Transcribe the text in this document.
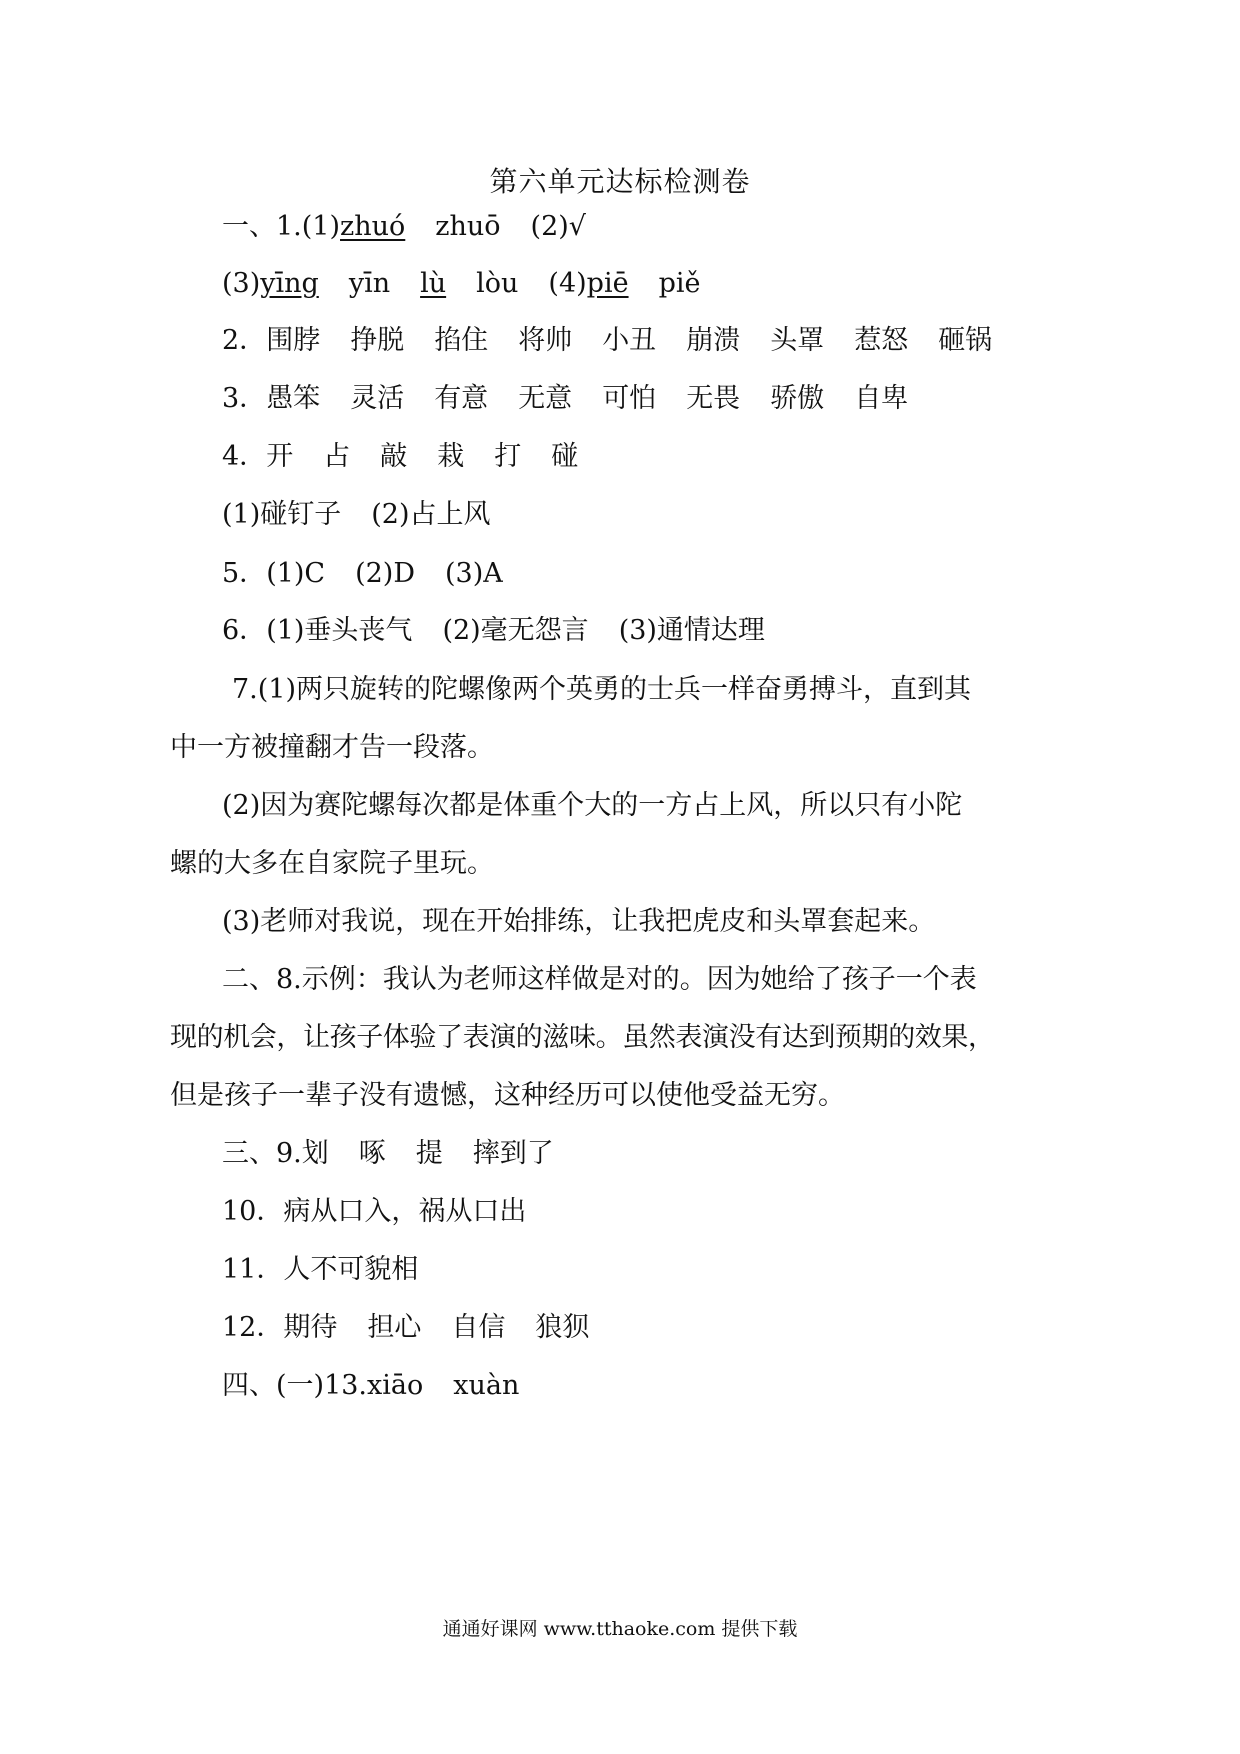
第六单元达标检测卷
一、1.(1)zhuó zhuō (2)√
(3)yīng yīn lù lòu (4)piē piě
2．围脖 挣脱 掐住 将帅 小丑 崩溃 头罩 惹怒 砸锅
3．愚笨 灵活 有意 无意 可怕 无畏 骄傲 自卑
4．开 占 敲 栽 打 碰
(1)碰钉子 (2)占上风
5．(1)C (2)D (3)A
6．(1)垂头丧气 (2)毫无怨言 (3)通情达理
7.(1)两只旋转的陀螺像两个英勇的士兵一样奋勇搏斗，直到其
中一方被撞翻才告一段落。
(2)因为赛陀螺每次都是体重个大的一方占上风，所以只有小陀
螺的大多在自家院子里玩。
(3)老师对我说，现在开始排练，让我把虎皮和头罩套起来。
二、8.示例：我认为老师这样做是对的。因为她给了孩子一个表
现的机会，让孩子体验了表演的滋味。虽然表演没有达到预期的效果，
但是孩子一辈子没有遗憾，这种经历可以使他受益无穷。
三、9.划 啄 提 摔到了
10．病从口入，祸从口出
11．人不可貌相
12．期待 担心 自信 狼狈
四、(一)13.xiāo xuàn
通通好课网 www.tthaoke.com 提供下载
